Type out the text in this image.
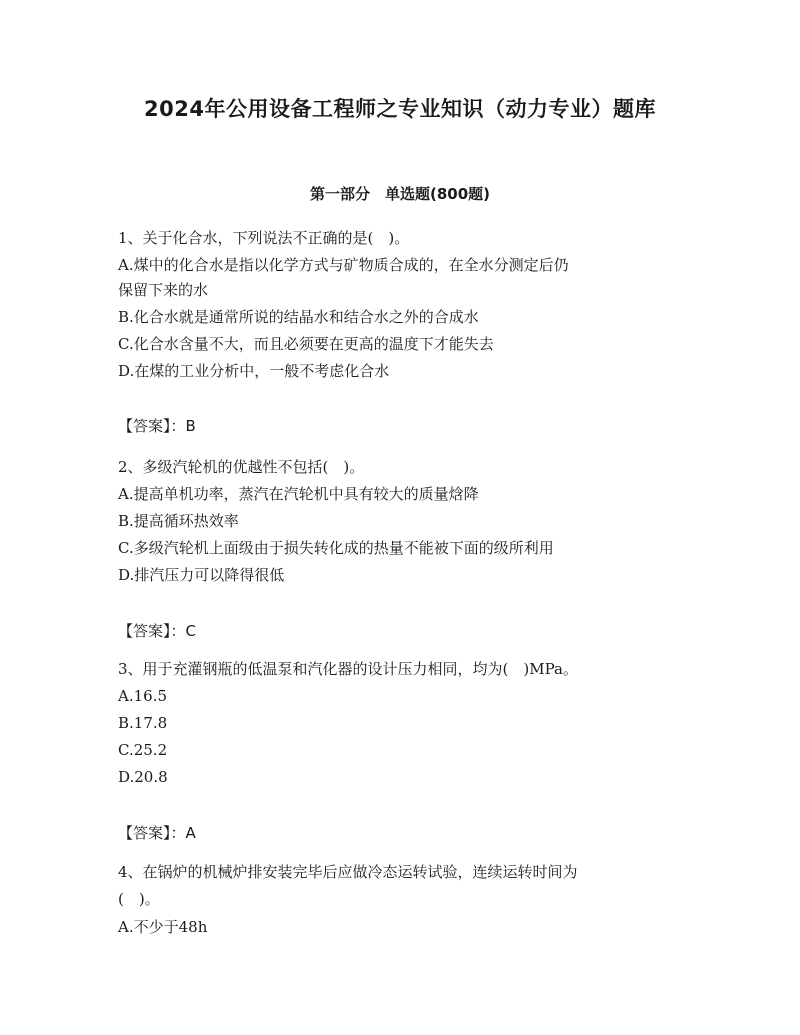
2024年公用设备工程师之专业知识（动力专业）题库
第一部分　单选题(800题)
1、关于化合水，下列说法不正确的是(　)。
A.煤中的化合水是指以化学方式与矿物质合成的，在全水分测定后仍
保留下来的水
B.化合水就是通常所说的结晶水和结合水之外的合成水
C.化合水含量不大，而且必须要在更高的温度下才能失去
D.在煤的工业分析中，一般不考虑化合水
【答案】：B
2、多级汽轮机的优越性不包括(　)。
A.提高单机功率，蒸汽在汽轮机中具有较大的质量焓降
B.提高循环热效率
C.多级汽轮机上面级由于损失转化成的热量不能被下面的级所利用
D.排汽压力可以降得很低
【答案】：C
3、用于充灌钢瓶的低温泵和汽化器的设计压力相同，均为(　)MPa。
A.16.5
B.17.8
C.25.2
D.20.8
【答案】：A
4、在锅炉的机械炉排安装完毕后应做冷态运转试验，连续运转时间为
(　)。
A.不少于48h
